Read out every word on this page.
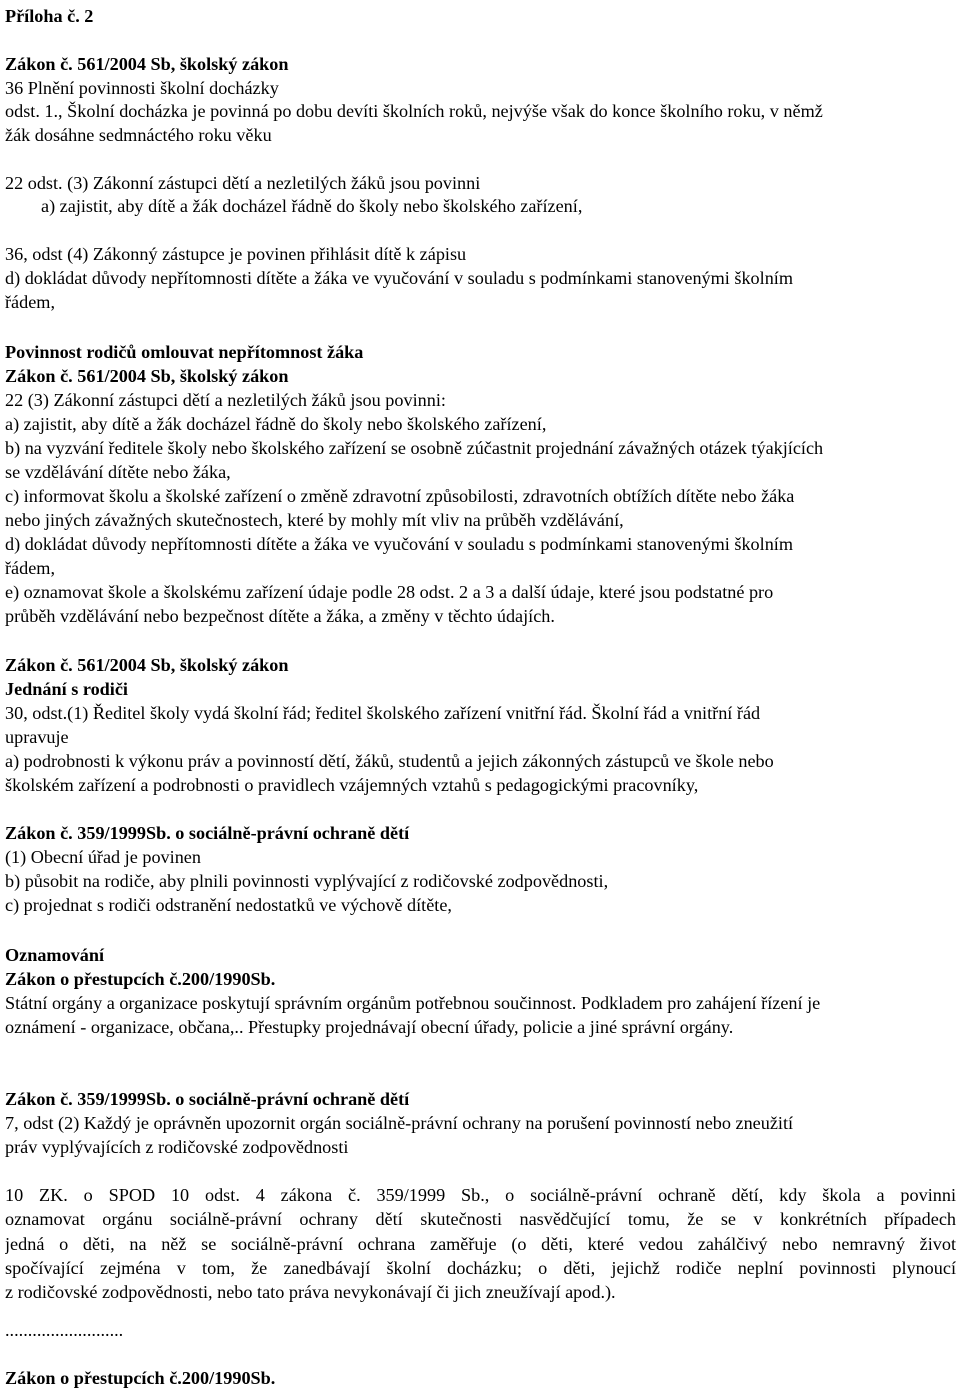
Příloha č. 2
Zákon č. 561/2004 Sb, školský zákon
36 Plnění povinnosti školní docházky
odst. 1., Školní docházka je povinná po dobu devíti školních roků, nejvýše však do konce školního roku, v němž
žák dosáhne sedmnáctého roku věku
22 odst. (3) Zákonní zástupci dětí a nezletilých žáků jsou povinni
a) zajistit, aby dítě a žák docházel řádně do školy nebo školského zařízení,
36, odst (4) Zákonný zástupce je povinen přihlásit dítě k zápisu
d) dokládat důvody nepřítomnosti dítěte a žáka ve vyučování v souladu s podmínkami stanovenými školním
řádem,
Povinnost rodičů omlouvat nepřítomnost žáka
Zákon č. 561/2004 Sb, školský zákon
22 (3) Zákonní zástupci dětí a nezletilých žáků jsou povinni:
a) zajistit, aby dítě a žák docházel řádně do školy nebo školského zařízení,
b) na vyzvání ředitele školy nebo školského zařízení se osobně zúčastnit projednání závažných otázek týakjících
se vzdělávání dítěte nebo žáka,
c) informovat školu a školské zařízení o změně zdravotní způsobilosti, zdravotních obtížích dítěte nebo žáka
nebo jiných závažných skutečnostech, které by mohly mít vliv na průběh vzdělávání,
d) dokládat důvody nepřítomnosti dítěte a žáka ve vyučování v souladu s podmínkami stanovenými školním
řádem,
e) oznamovat škole a školskému zařízení údaje podle 28 odst. 2 a 3 a další údaje, které jsou podstatné pro
průběh vzdělávání nebo bezpečnost dítěte a žáka, a změny v těchto údajích.
Zákon č. 561/2004 Sb, školský zákon
Jednání s rodiči
30, odst.(1) Ředitel školy vydá školní řád; ředitel školského zařízení vnitřní řád. Školní řád a vnitřní řád
upravuje
a) podrobnosti k výkonu práv a povinností dětí, žáků, studentů a jejich zákonných zástupců ve škole nebo
školském zařízení a podrobnosti o pravidlech vzájemných vztahů s pedagogickými pracovníky,
Zákon č. 359/1999Sb. o sociálně-právní ochraně dětí
(1) Obecní úřad je povinen
b) působit na rodiče, aby plnili povinnosti vyplývající z rodičovské zodpovědnosti,
c) projednat s rodiči odstranění nedostatků ve výchově dítěte,
Oznamování
Zákon o přestupcích č.200/1990Sb.
Státní orgány a organizace poskytují správním orgánům potřebnou součinnost. Podkladem pro zahájení řízení je
oznámení - organizace, občana,.. Přestupky projednávají obecní úřady, policie a jiné správní orgány.
Zákon č. 359/1999Sb. o sociálně-právní ochraně dětí
7, odst (2) Každý je oprávněn upozornit orgán sociálně-právní ochrany na porušení povinností nebo zneužití
práv vyplývajících z rodičovské zodpovědnosti
10 ZK. o SPOD 10 odst. 4 zákona č. 359/1999 Sb., o sociálně-právní ochraně dětí, kdy škola a povinni
oznamovat orgánu sociálně-právní ochrany dětí skutečnosti nasvědčující tomu, že se v konkrétních případech
jedná o děti, na něž se sociálně-právní ochrana zaměřuje (o děti, které vedou zahálčivý nebo nemravný život
spočívající zejména v tom, že zanedbávají školní docházku; o děti, jejichž rodiče neplní povinnosti plynoucí
z rodičovské zodpovědnosti, nebo tato práva nevykonávají či jich zneužívají apod.).
..........................
Zákon o přestupcích č.200/1990Sb.
